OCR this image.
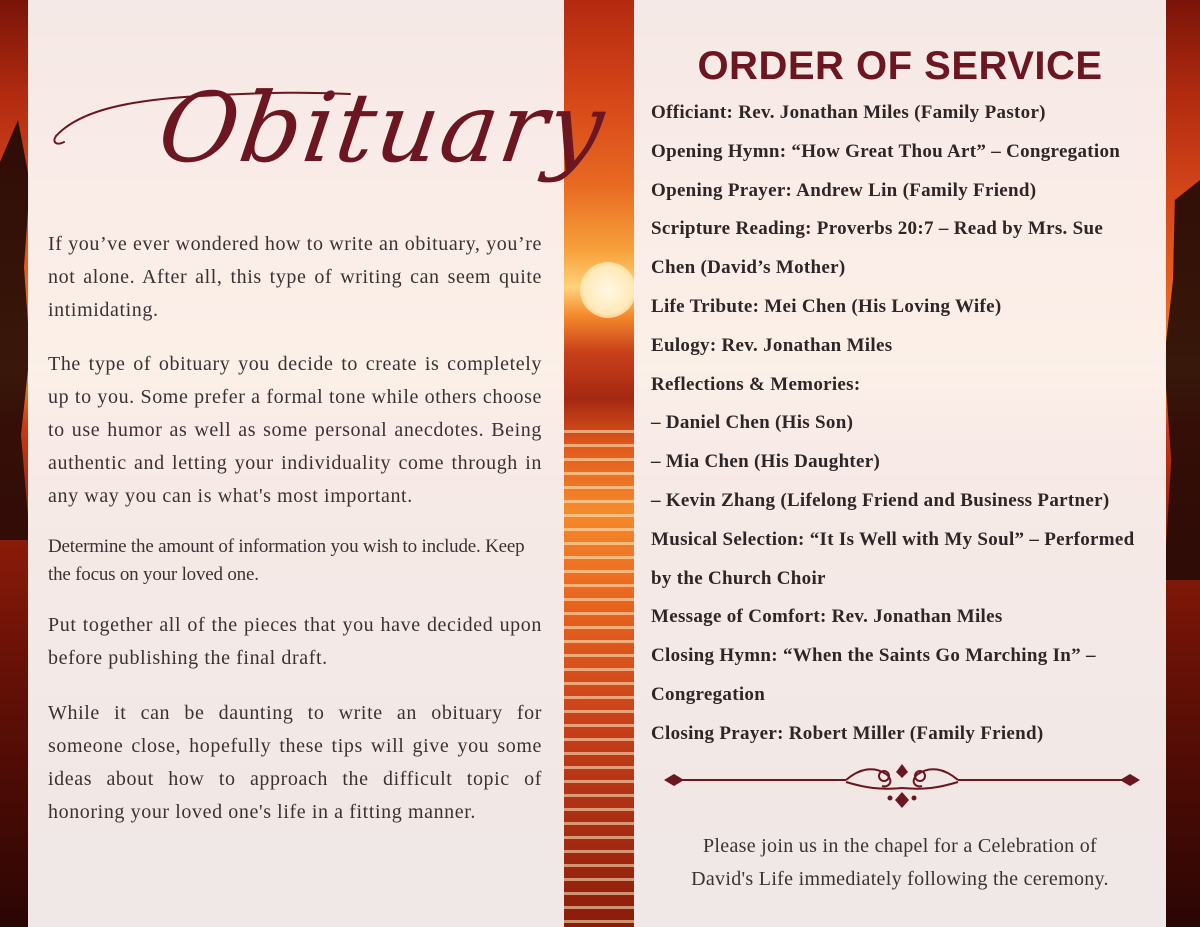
Obituary

If you’ve ever wondered how to write an obituary, you’re not alone. After all, this type of writing can seem quite intimidating.

The type of obituary you decide to create is completely up to you. Some prefer a formal tone while others choose to use humor as well as some personal anecdotes. Being authentic and letting your individuality come through in any way you can is what's most important.

Determine the amount of information you wish to include. Keep the focus on your loved one.

Put together all of the pieces that you have decided upon before publishing the final draft.

While it can be daunting to write an obituary for someone close, hopefully these tips will give you some ideas about how to approach the difficult topic of honoring your loved one's life in a fitting manner.

ORDER OF SERVICE
Officiant: Rev. Jonathan Miles (Family Pastor)
Opening Hymn: “How Great Thou Art” – Congregation
Opening Prayer: Andrew Lin (Family Friend)
Scripture Reading: Proverbs 20:7 – Read by Mrs. Sue
Chen (David’s Mother)
Life Tribute: Mei Chen (His Loving Wife)
Eulogy: Rev. Jonathan Miles
Reflections & Memories:
– Daniel Chen (His Son)
– Mia Chen (His Daughter)
– Kevin Zhang (Lifelong Friend and Business Partner)
Musical Selection: “It Is Well with My Soul” – Performed
by the Church Choir
Message of Comfort: Rev. Jonathan Miles
Closing Hymn: “When the Saints Go Marching In” –
Congregation
Closing Prayer: Robert Miller (Family Friend)
Please join us in the chapel for a Celebration of
David's Life immediately following the ceremony.
